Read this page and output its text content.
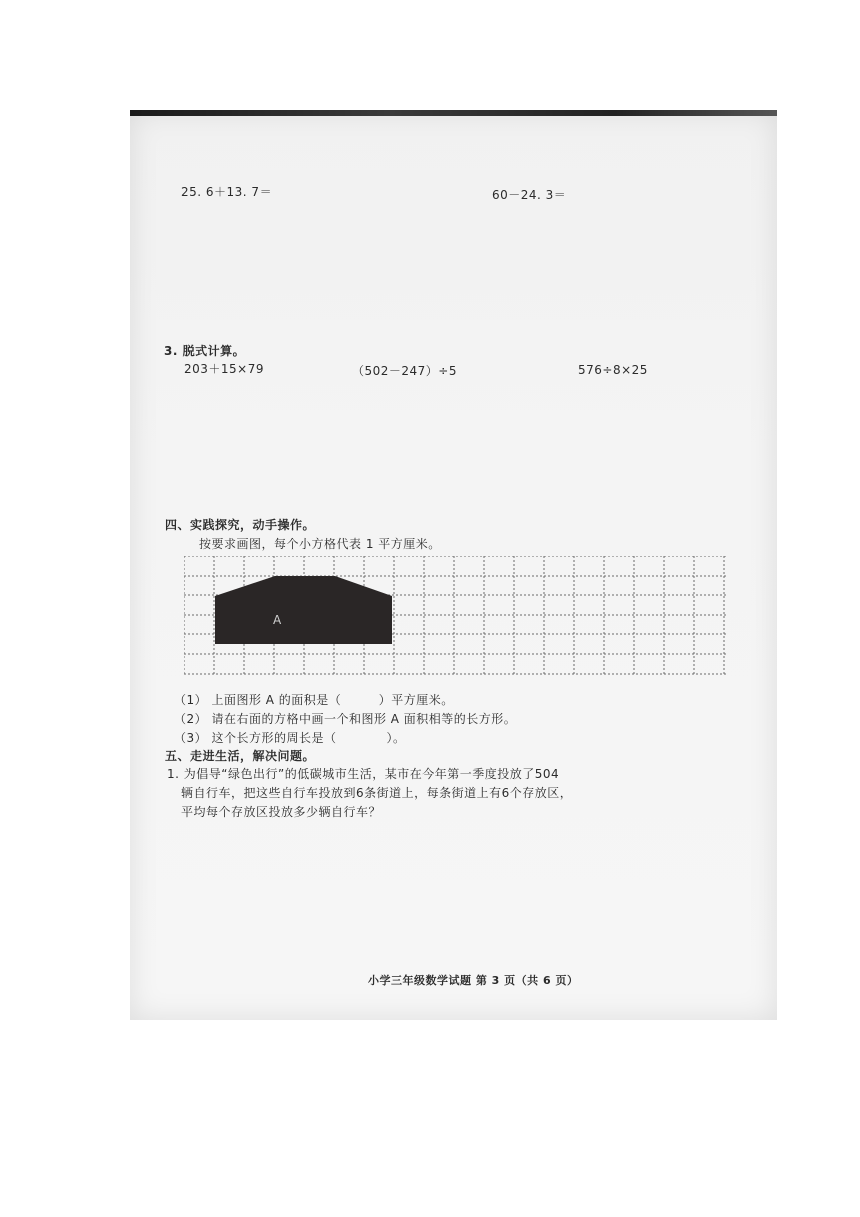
25. 6＋13. 7＝	60－24. 3＝
3. 脱式计算。
203＋15×79	（502－247）÷5	576÷8×25
四、实践探究，动手操作。
按要求画图，每个小方格代表 1 平方厘米。
A
（1） 上面图形 A 的面积是（　　　）平方厘米。
（2） 请在右面的方格中画一个和图形 A 面积相等的长方形。
（3） 这个长方形的周长是（　　　　）。
五、走进生活，解决问题。
1. 为倡导“绿色出行”的低碳城市生活，某市在今年第一季度投放了504
辆自行车，把这些自行车投放到6条街道上，每条街道上有6个存放区，
平均每个存放区投放多少辆自行车？
小学三年级数学试题 第 3 页（共 6 页）
